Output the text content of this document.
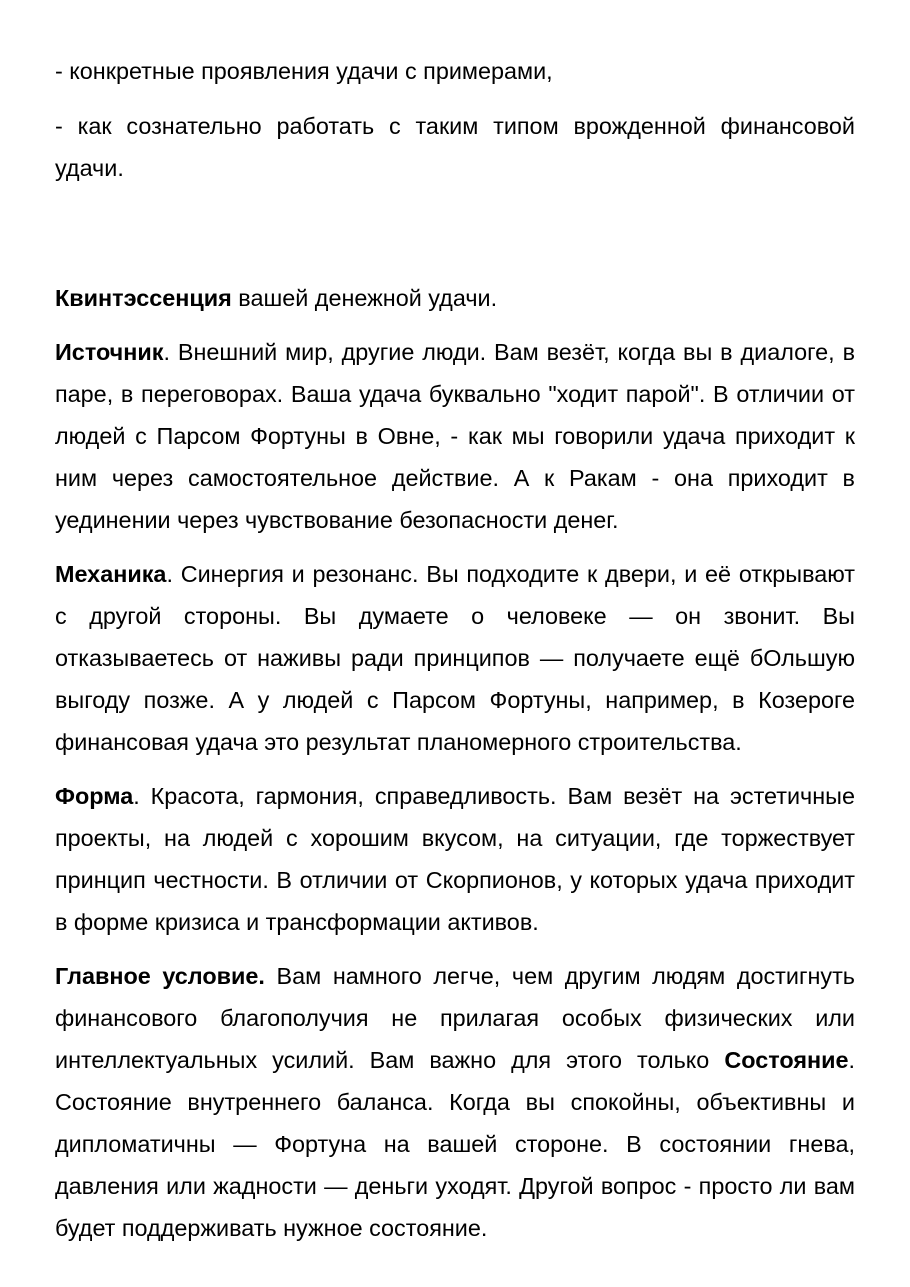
- конкретные проявления удачи с примерами,

- как сознательно работать с таким типом врожденной финансовой удачи.

Квинтэссенция вашей денежной удачи.

Источник. Внешний мир, другие люди. Вам везёт, когда вы в диалоге, в паре, в переговорах. Ваша удача буквально "ходит парой". В отличии от людей с Парсом Фортуны в Овне, - как мы говорили удача приходит к ним через самостоятельное действие. А к Ракам - она приходит в уединении через чувствование безопасности денег.

Механика. Синергия и резонанс. Вы подходите к двери, и её открывают с другой стороны. Вы думаете о человеке — он звонит. Вы отказываетесь от наживы ради принципов — получаете ещё бОльшую выгоду позже. А у людей с Парсом Фортуны, например, в Козероге финансовая удача это результат планомерного строительства.

Форма. Красота, гармония, справедливость. Вам везёт на эстетичные проекты, на людей с хорошим вкусом, на ситуации, где торжествует принцип честности. В отличии от Скорпионов, у которых удача приходит в форме кризиса и трансформации активов.

Главное условие. Вам намного легче, чем другим людям достигнуть финансового благополучия не прилагая особых физических или интеллектуальных усилий. Вам важно для этого только Состояние. Состояние внутреннего баланса. Когда вы спокойны, объективны и дипломатичны — Фортуна на вашей стороне. В состоянии гнева, давления или жадности — деньги уходят. Другой вопрос - просто ли вам будет поддерживать нужное состояние.
